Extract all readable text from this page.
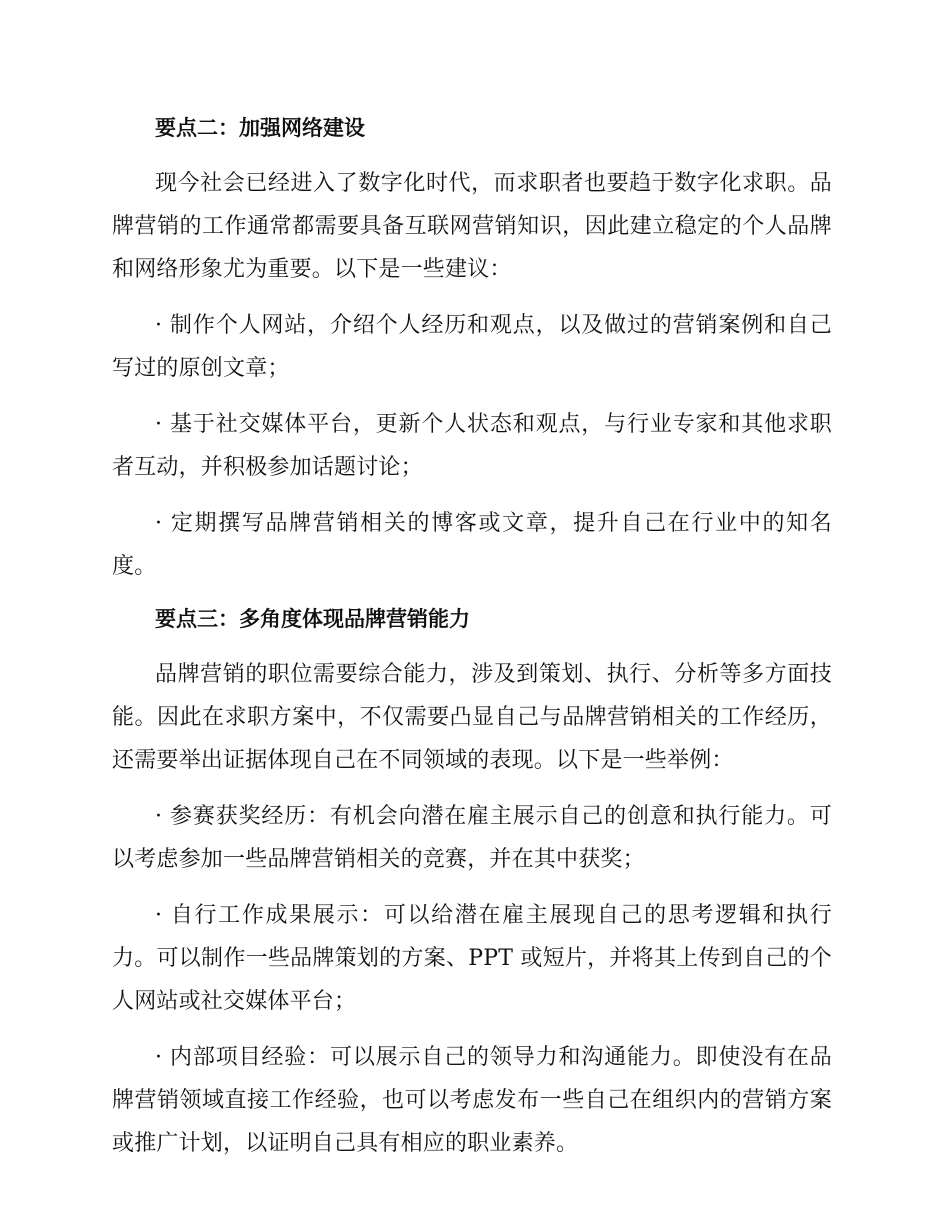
要点二：加强网络建设

现今社会已经进入了数字化时代，而求职者也要趋于数字化求职。品牌营销的工作通常都需要具备互联网营销知识，因此建立稳定的个人品牌和网络形象尤为重要。以下是一些建议：

· 制作个人网站，介绍个人经历和观点，以及做过的营销案例和自己写过的原创文章；

· 基于社交媒体平台，更新个人状态和观点，与行业专家和其他求职者互动，并积极参加话题讨论；

· 定期撰写品牌营销相关的博客或文章，提升自己在行业中的知名度。

要点三：多角度体现品牌营销能力

品牌营销的职位需要综合能力，涉及到策划、执行、分析等多方面技能。因此在求职方案中，不仅需要凸显自己与品牌营销相关的工作经历，还需要举出证据体现自己在不同领域的表现。以下是一些举例：

· 参赛获奖经历：有机会向潜在雇主展示自己的创意和执行能力。可以考虑参加一些品牌营销相关的竞赛，并在其中获奖；

· 自行工作成果展示：可以给潜在雇主展现自己的思考逻辑和执行力。可以制作一些品牌策划的方案、PPT 或短片，并将其上传到自己的个人网站或社交媒体平台；

· 内部项目经验：可以展示自己的领导力和沟通能力。即使没有在品牌营销领域直接工作经验，也可以考虑发布一些自己在组织内的营销方案或推广计划，以证明自己具有相应的职业素养。
